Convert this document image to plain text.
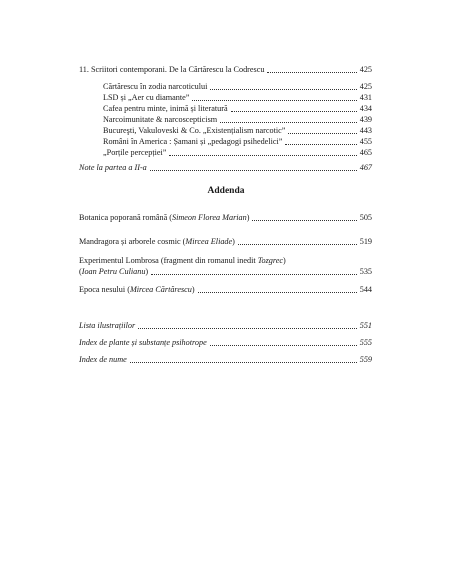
11. Scriitori contemporani. De la Cărtărescu la Codrescu	425
Cărtărescu în zodia narcoticului	425
LSD și „Aer cu diamante”	431
Cafea pentru minte, inimă și literatură	434
Narcoimunitate & narcoscepticism	439
Bucureşti, Vakuloveski & Co. „Existențialism narcotic”	443
Români în America : Șamani și „pedagogi psihedelici”	455
„Porțile percepției”	465
Note la partea a II-a	467
Addenda
Botanica poporană română (Simeon Florea Marian)	505
Mandragora și arborele cosmic (Mircea Eliade)	519
Experimentul Lombrosa (fragment din romanul inedit Tozgrec)
(Ioan Petru Culianu)	535
Epoca nesului (Mircea Cărtărescu)	544
Lista ilustrațiilor	551
Index de plante și substanțe psihotrope	555
Index de nume	559
